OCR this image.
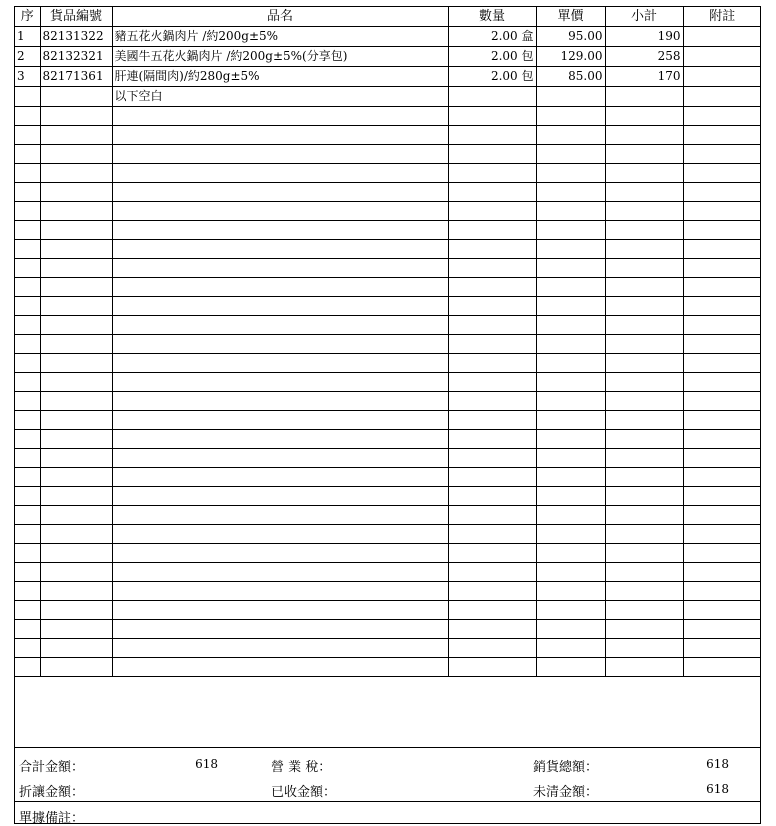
序	貨品編號	品名	數量	單價	小計	附註
1	82131322	豬五花火鍋肉片 /約200g±5%	2.00 盒	95.00	190	
2	82132321	美國牛五花火鍋肉片 /約200g±5%(分享包)	2.00 包	129.00	258	
3	82171361	肝連(隔間肉)/約280g±5%	2.00 包	85.00	170	
		以下空白				

合計金額：	618	營 業 稅：	銷貨總額：	618
折讓金額：	已收金額：	未清金額：	618
單據備註：
